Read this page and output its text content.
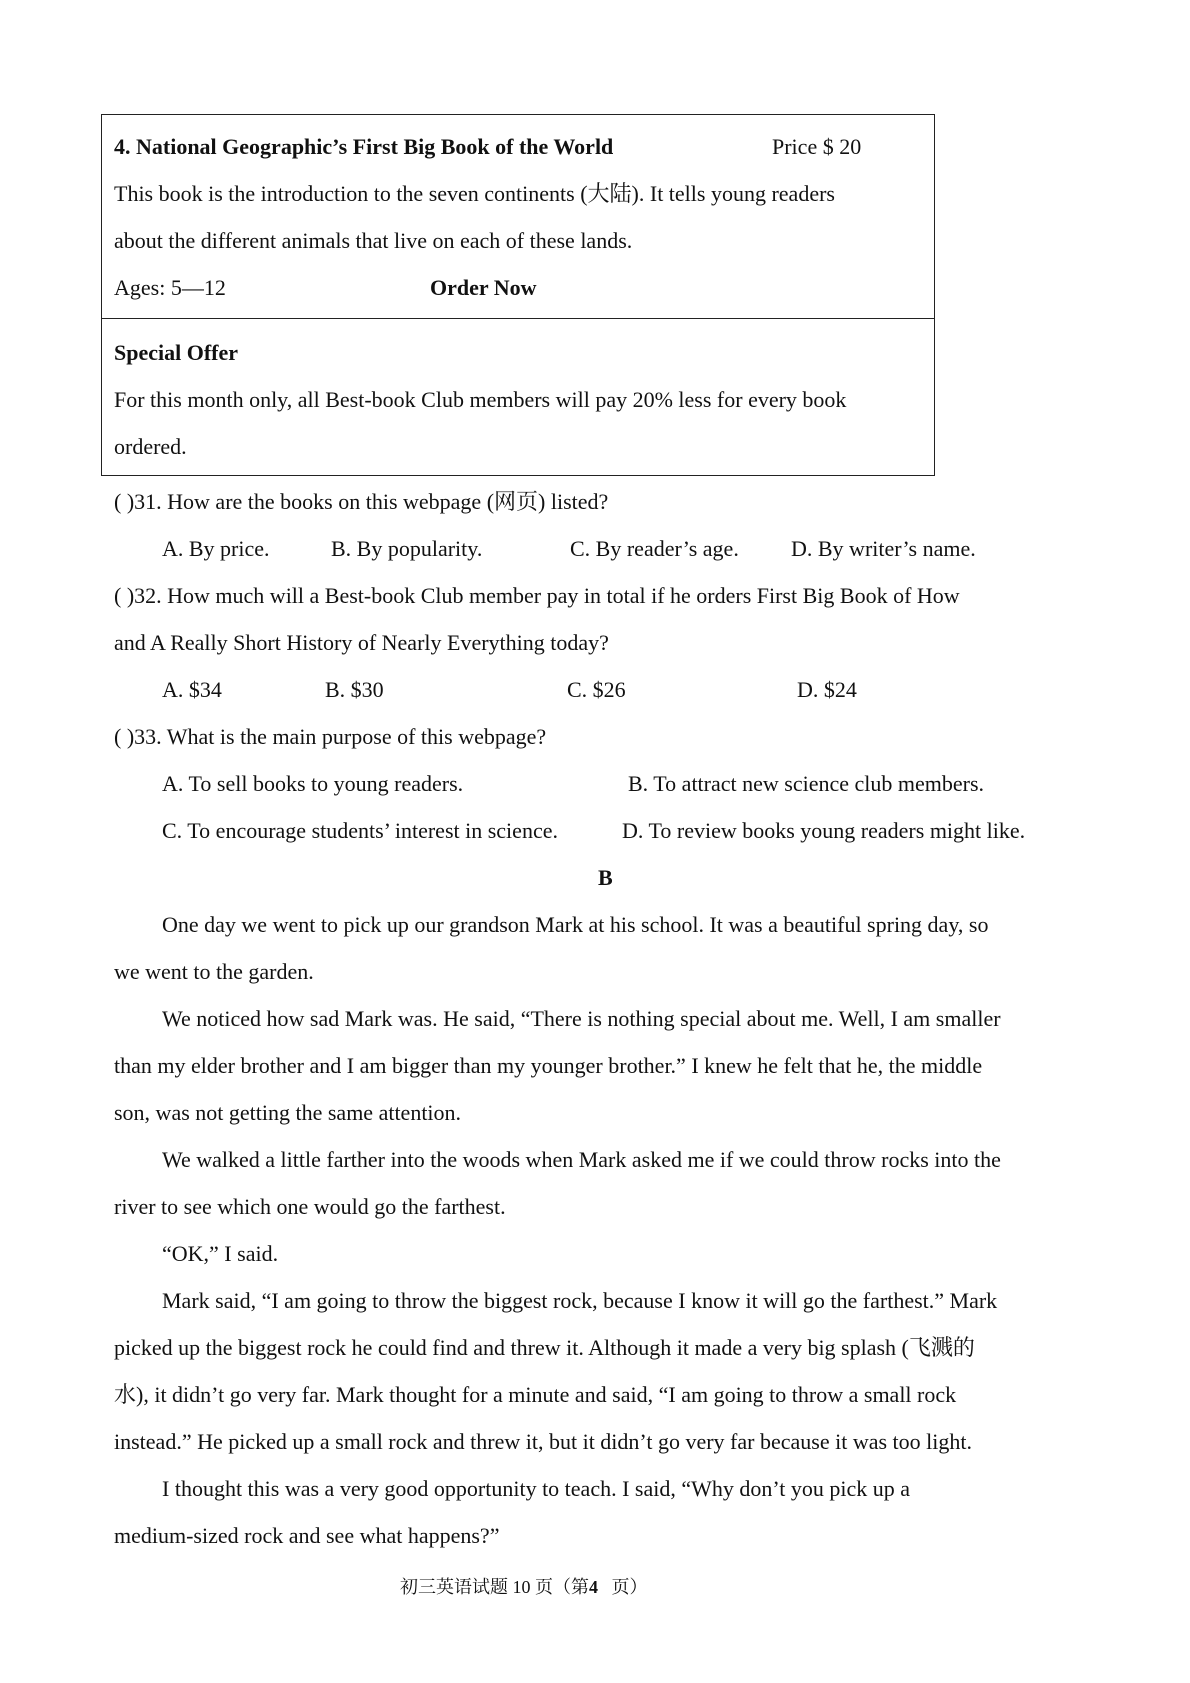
4. National Geographic’s First Big Book of the World	Price $ 20
This book is the introduction to the seven continents (大陆). It tells young readers
about the different animals that live on each of these lands.
Ages: 5—12	Order Now
Special Offer
For this month only, all Best-book Club members will pay 20% less for every book
ordered.
( )31. How are the books on this webpage (网页) listed?
A. By price.	B. By popularity.	C. By reader’s age. D. By writer’s name.
( )32. How much will a Best-book Club member pay in total if he orders First Big Book of How
and A Really Short History of Nearly Everything today?
A. $34	B. $30	C. $26	D. $24
( )33. What is the main purpose of this webpage?
A. To sell books to young readers.	B. To attract new science club members.
C. To encourage students’ interest in science.	D. To review books young readers might like.
B
One day we went to pick up our grandson Mark at his school. It was a beautiful spring day, so
we went to the garden.
We noticed how sad Mark was. He said, “There is nothing special about me. Well, I am smaller
than my elder brother and I am bigger than my younger brother.” I knew he felt that he, the middle
son, was not getting the same attention.
We walked a little farther into the woods when Mark asked me if we could throw rocks into the
river to see which one would go the farthest.
“OK,” I said.
Mark said, “I am going to throw the biggest rock, because I know it will go the farthest.” Mark
picked up the biggest rock he could find and threw it. Although it made a very big splash (飞溅的
水), it didn’t go very far. Mark thought for a minute and said, “I am going to throw a small rock
instead.” He picked up a small rock and threw it, but it didn’t go very far because it was too light.
I thought this was a very good opportunity to teach. I said, “Why don’t you pick up a
medium-sized rock and see what happens?”
初三英语试题 10 页（第4   页）
